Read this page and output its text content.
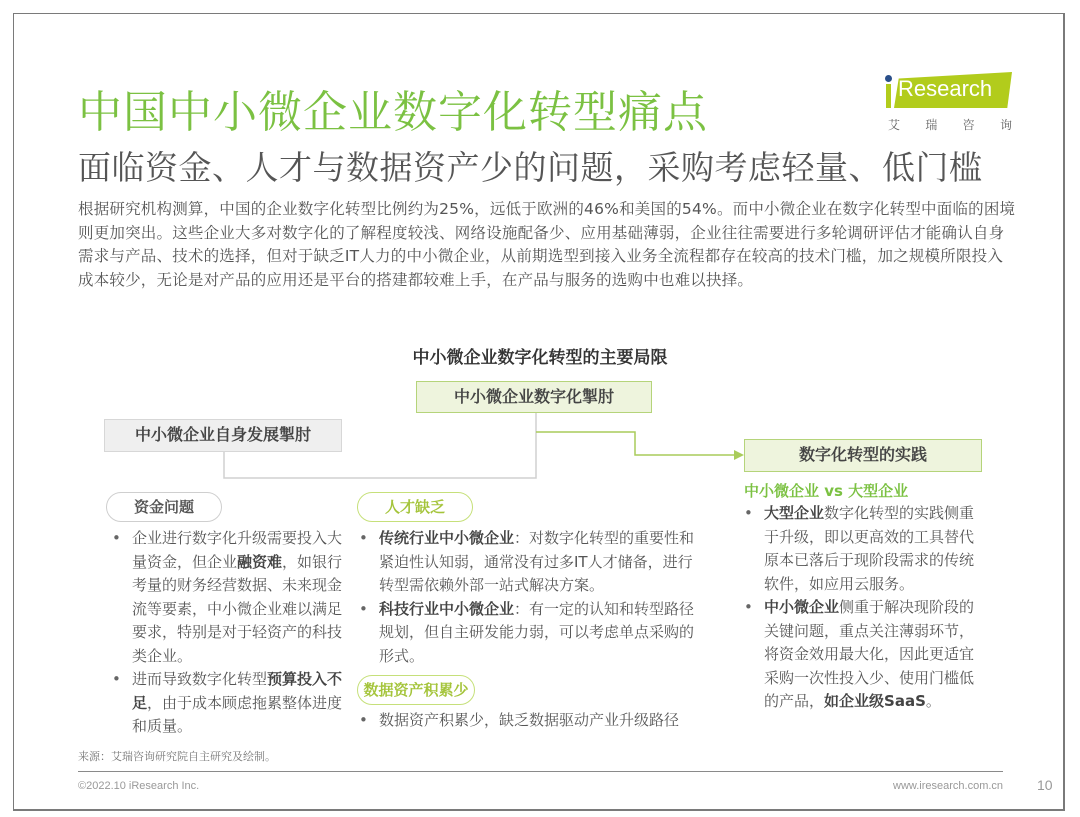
中国中小微企业数字化转型痛点
面临资金、人才与数据资产少的问题，采购考虑轻量、低门槛
Research
艾 瑞 咨 询
根据研究机构测算，中国的企业数字化转型比例约为25%，远低于欧洲的46%和美国的54%。而中小微企业在数字化转型中面临的困境则更加突出。这些企业大多对数字化的了解程度较浅、网络设施配备少、应用基础薄弱，企业往往需要进行多轮调研评估才能确认自身需求与产品、技术的选择，但对于缺乏IT人力的中小微企业，从前期选型到接入业务全流程都存在较高的技术门槛，加之规模所限投入成本较少，无论是对产品的应用还是平台的搭建都较难上手，在产品与服务的选购中也难以抉择。
中小微企业数字化转型的主要局限
中小微企业数字化掣肘
中小微企业自身发展掣肘
数字化转型的实践
资金问题
• 企业进行数字化升级需要投入大量资金，但企业融资难，如银行考量的财务经营数据、未来现金流等要素，中小微企业难以满足要求，特别是对于轻资产的科技类企业。
• 进而导致数字化转型预算投入不足，由于成本顾虑拖累整体进度和质量。
人才缺乏
• 传统行业中小微企业：对数字化转型的重要性和紧迫性认知弱，通常没有过多IT人才储备，进行转型需依赖外部一站式解决方案。
• 科技行业中小微企业：有一定的认知和转型路径规划，但自主研发能力弱，可以考虑单点采购的形式。
数据资产积累少
• 数据资产积累少，缺乏数据驱动产业升级路径
中小微企业 vs 大型企业
• 大型企业数字化转型的实践侧重于升级，即以更高效的工具替代原本已落后于现阶段需求的传统软件，如应用云服务。
• 中小微企业侧重于解决现阶段的关键问题，重点关注薄弱环节，将资金效用最大化，因此更适宜采购一次性投入少、使用门槛低的产品，如企业级SaaS。
来源：艾瑞咨询研究院自主研究及绘制。
©2022.10 iResearch Inc.	www.iresearch.com.cn 10
